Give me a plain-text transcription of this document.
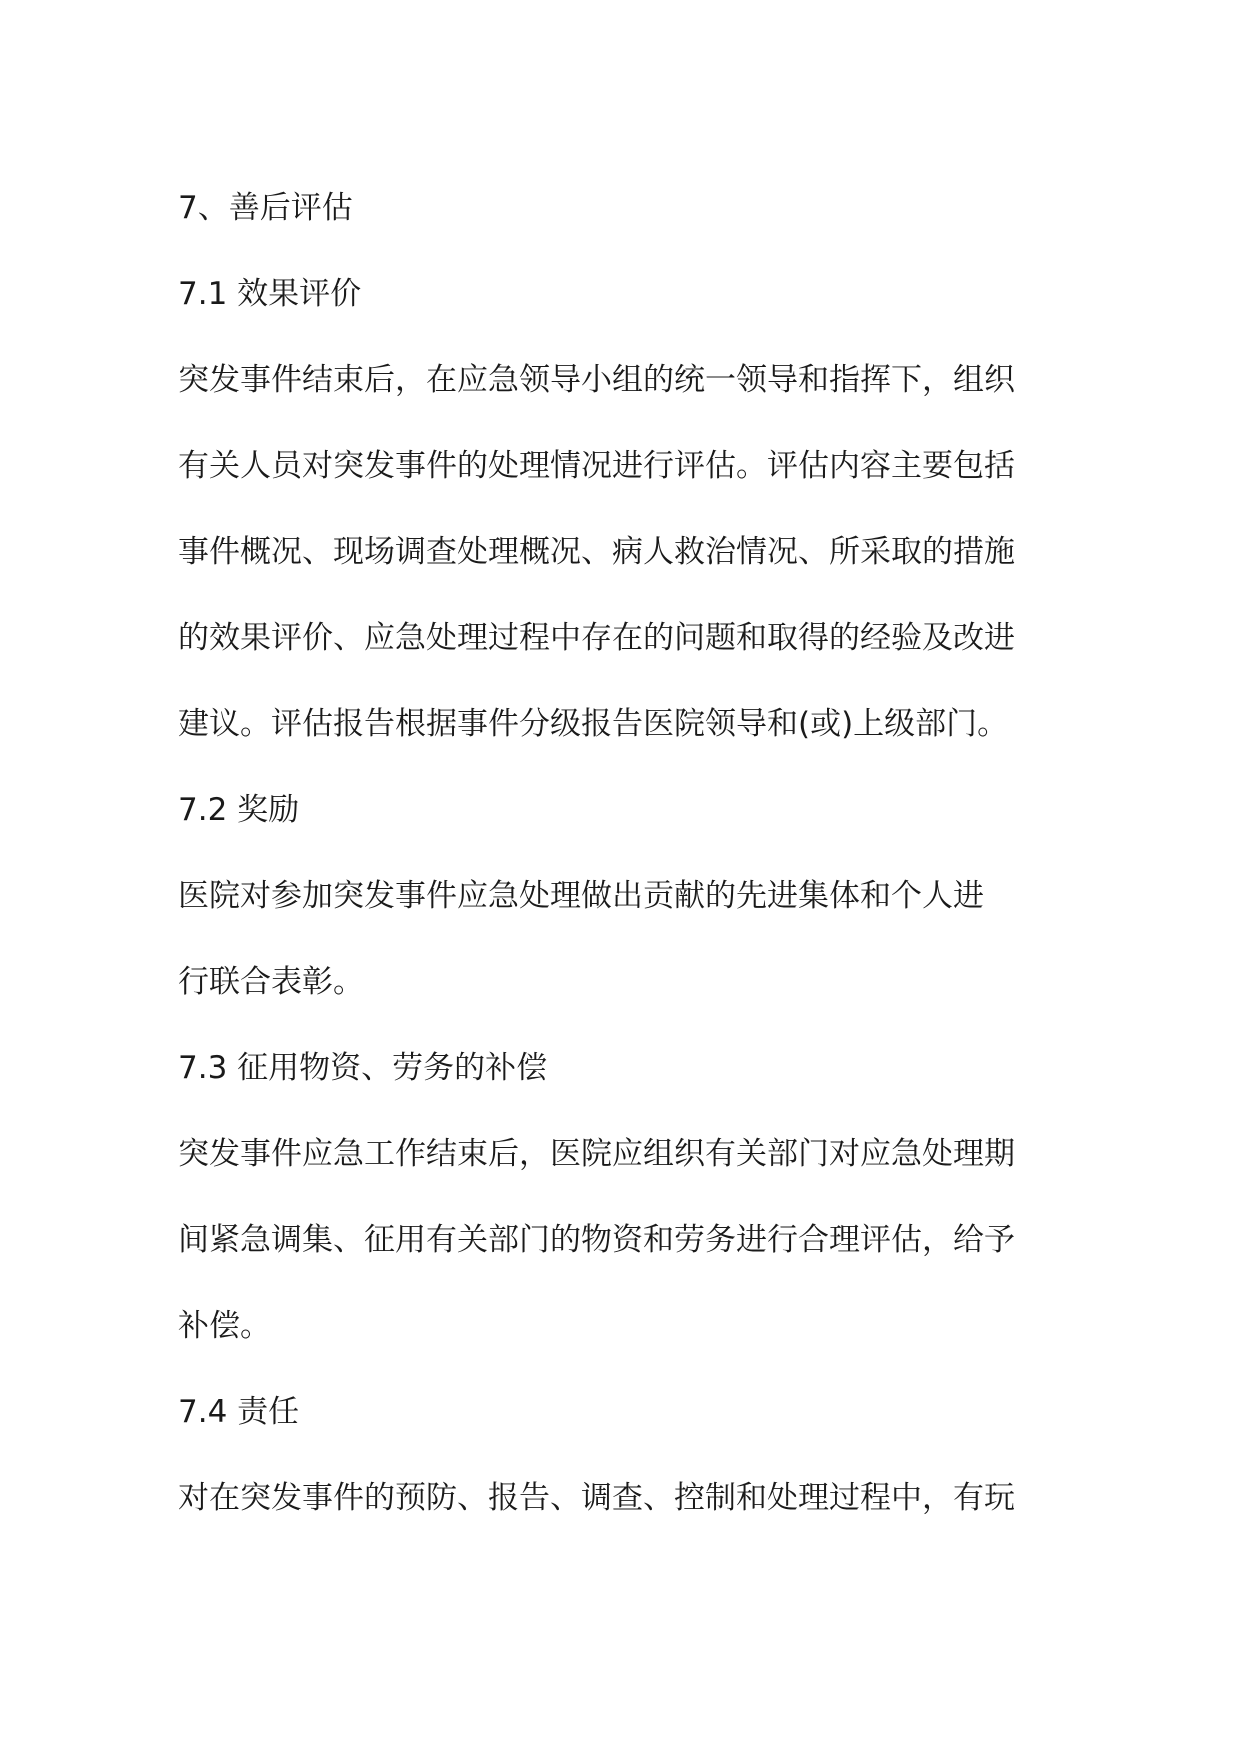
7、善后评估
7.1 效果评价
突发事件结束后，在应急领导小组的统一领导和指挥下，组织
有关人员对突发事件的处理情况进行评估。评估内容主要包括
事件概况、现场调查处理概况、病人救治情况、所采取的措施
的效果评价、应急处理过程中存在的问题和取得的经验及改进
建议。评估报告根据事件分级报告医院领导和(或)上级部门。
7.2 奖励
医院对参加突发事件应急处理做出贡献的先进集体和个人进
行联合表彰。
7.3 征用物资、劳务的补偿
突发事件应急工作结束后，医院应组织有关部门对应急处理期
间紧急调集、征用有关部门的物资和劳务进行合理评估，给予
补偿。
7.4 责任
对在突发事件的预防、报告、调查、控制和处理过程中，有玩
